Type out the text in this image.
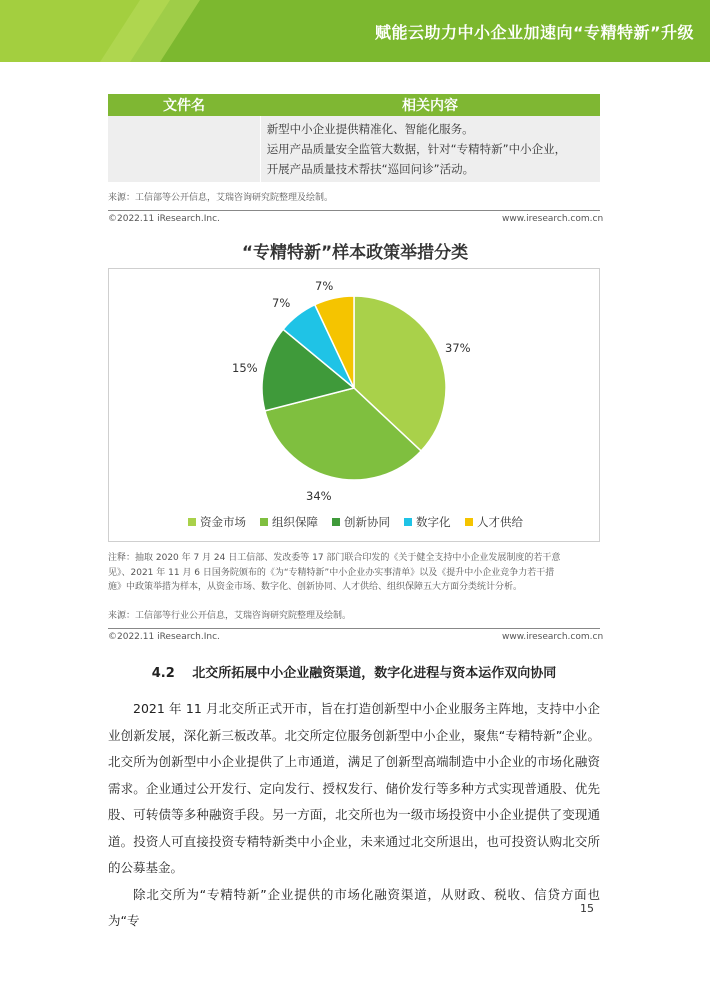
赋能云助力中小企业加速向“专精特新”升级
文件名	相关内容
新型中小企业提供精准化、智能化服务。
运用产品质量安全监管大数据，针对“专精特新”中小企业，
开展产品质量技术帮扶“巡回问诊”活动。
来源：工信部等公开信息，艾瑞咨询研究院整理及绘制。
©2022.11 iResearch.Inc.	www.iresearch.com.cn
“专精特新”样本政策举措分类
37%
34%
15%
7%
7%
资金市场 组织保障 创新协同 数字化 人才供给
注释：抽取 2020 年 7 月 24 日工信部、发改委等 17 部门联合印发的《关于健全支持中小企业发展制度的若干意
见》、2021 年 11 月 6 日国务院颁布的《为“专精特新”中小企业办实事清单》以及《提升中小企业竞争力若干措
施》中政策举措为样本，从资金市场、数字化、创新协同、人才供给、组织保障五大方面分类统计分析。
来源：工信部等行业公开信息，艾瑞咨询研究院整理及绘制。
©2022.11 iResearch.Inc.	www.iresearch.com.cn
4.2　 北交所拓展中小企业融资渠道，数字化进程与资本运作双向协同

2021 年 11 月北交所正式开市，旨在打造创新型中小企业服务主阵地，支持中小企业创新发展，深化新三板改革。北交所定位服务创新型中小企业，聚焦“专精特新”企业。北交所为创新型中小企业提供了上市通道，满足了创新型高端制造中小企业的市场化融资需求。企业通过公开发行、定向发行、授权发行、储价发行等多种方式实现普通股、优先股、可转债等多种融资手段。另一方面，北交所也为一级市场投资中小企业提供了变现通道。投资人可直接投资专精特新类中小企业，未来通过北交所退出，也可投资认购北交所的公募基金。

除北交所为“专精特新”企业提供的市场化融资渠道，从财政、税收、信贷方面也为“专

15
